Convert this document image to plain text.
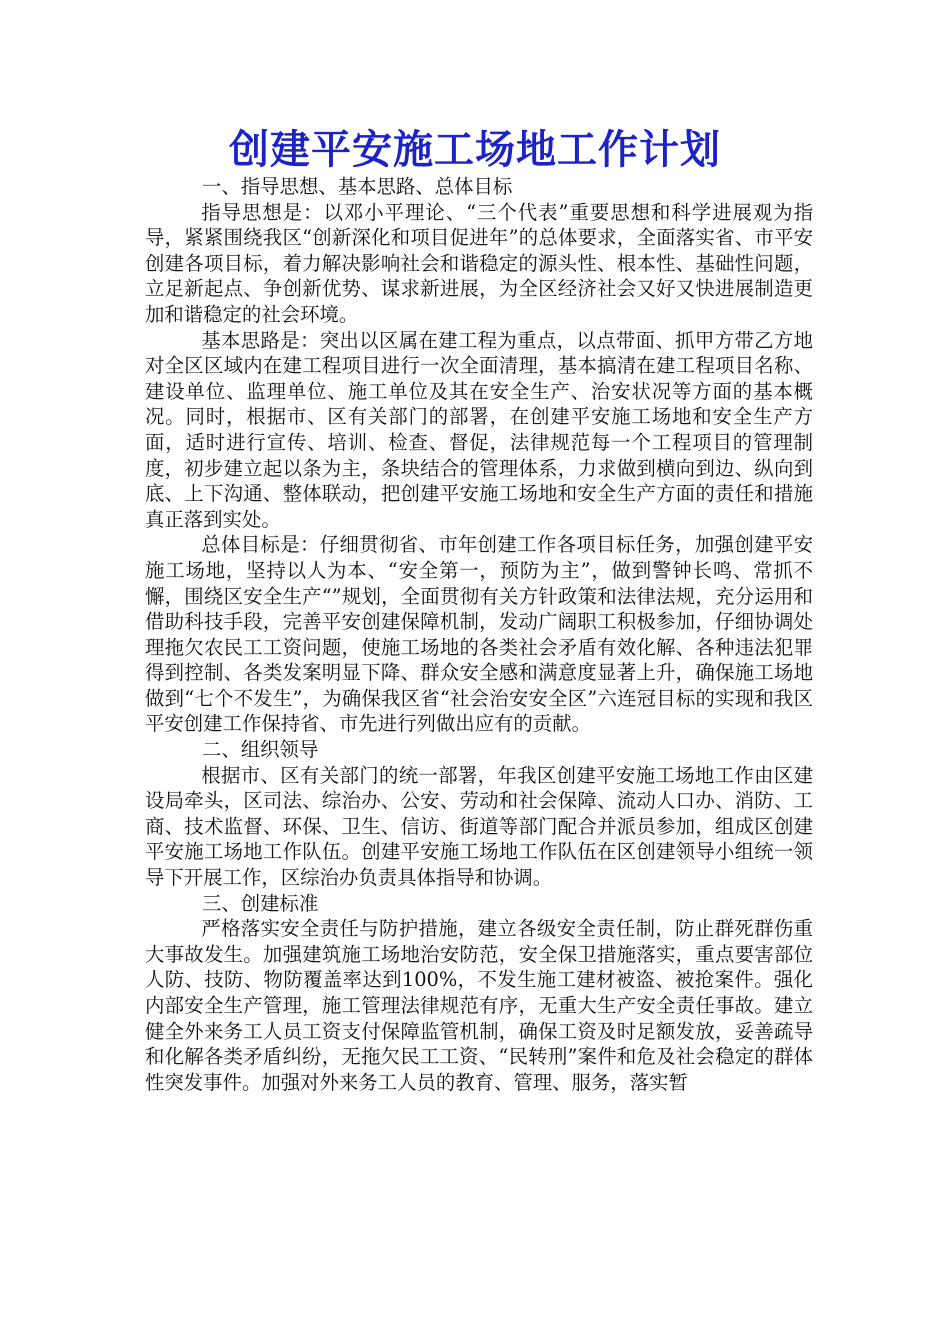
创建平安施工场地工作计划
一、指导思想、基本思路、总体目标

指导思想是：以邓小平理论、“三个代表”重要思想和科学进展观为指导，紧紧围绕我区“创新深化和项目促进年”的总体要求，全面落实省、市平安创建各项目标，着力解决影响社会和谐稳定的源头性、根本性、基础性问题，立足新起点、争创新优势、谋求新进展，为全区经济社会又好又快进展制造更加和谐稳定的社会环境。

基本思路是：突出以区属在建工程为重点，以点带面、抓甲方带乙方地对全区区域内在建工程项目进行一次全面清理，基本搞清在建工程项目名称、建设单位、监理单位、施工单位及其在安全生产、治安状况等方面的基本概况。同时，根据市、区有关部门的部署，在创建平安施工场地和安全生产方面，适时进行宣传、培训、检查、督促，法律规范每一个工程项目的管理制度，初步建立起以条为主，条块结合的管理体系，力求做到横向到边、纵向到底、上下沟通、整体联动，把创建平安施工场地和安全生产方面的责任和措施真正落到实处。

总体目标是：仔细贯彻省、市年创建工作各项目标任务，加强创建平安施工场地，坚持以人为本、“安全第一，预防为主”，做到警钟长鸣、常抓不懈，围绕区安全生产“”规划，全面贯彻有关方针政策和法律法规，充分运用和借助科技手段，完善平安创建保障机制，发动广阔职工积极参加，仔细协调处理拖欠农民工工资问题，使施工场地的各类社会矛盾有效化解、各种违法犯罪得到控制、各类发案明显下降、群众安全感和满意度显著上升，确保施工场地做到“七个不发生”，为确保我区省“社会治安安全区”六连冠目标的实现和我区平安创建工作保持省、市先进行列做出应有的贡献。

二、组织领导

根据市、区有关部门的统一部署，年我区创建平安施工场地工作由区建设局牵头，区司法、综治办、公安、劳动和社会保障、流动人口办、消防、工商、技术监督、环保、卫生、信访、街道等部门配合并派员参加，组成区创建平安施工场地工作队伍。创建平安施工场地工作队伍在区创建领导小组统一领导下开展工作，区综治办负责具体指导和协调。

三、创建标准

严格落实安全责任与防护措施，建立各级安全责任制，防止群死群伤重大事故发生。加强建筑施工场地治安防范，安全保卫措施落实，重点要害部位人防、技防、物防覆盖率达到100%，不发生施工建材被盗、被抢案件。强化内部安全生产管理，施工管理法律规范有序，无重大生产安全责任事故。建立健全外来务工人员工资支付保障监管机制，确保工资及时足额发放，妥善疏导和化解各类矛盾纠纷，无拖欠民工工资、“民转刑”案件和危及社会稳定的群体性突发事件。加强对外来务工人员的教育、管理、服务，落实暂
